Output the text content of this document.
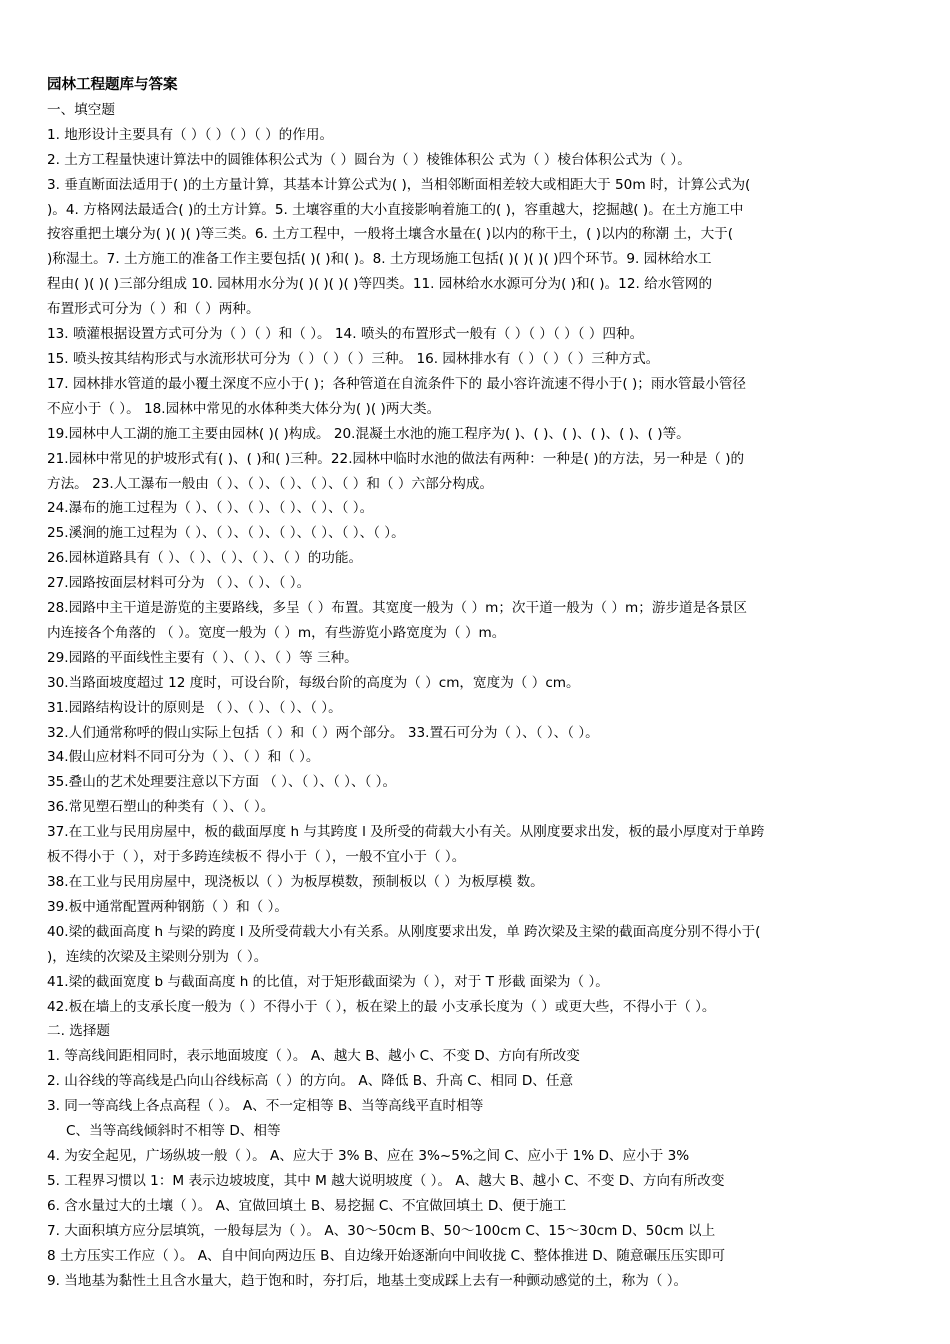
园林工程题库与答案
一、填空题
1. 地形设计主要具有（ ）（ ）（ ）（ ）的作用。
2. 土方工程量快速计算法中的圆锥体积公式为（ ）圆台为（ ）棱锥体积公 式为（ ）棱台体积公式为（ ）。
3. 垂直断面法适用于( )的土方量计算，其基本计算公式为( )，当相邻断面相差较大或相距大于 50m 时，计算公式为(
)。4. 方格网法最适合( )的土方计算。5. 土壤容重的大小直接影响着施工的( )，容重越大，挖掘越( )。在土方施工中
按容重把土壤分为( )( )( )等三类。6. 土方工程中，一般将土壤含水量在( )以内的称干土，( )以内的称潮 土，大于(
)称湿土。7. 土方施工的准备工作主要包括( )( )和( )。8. 土方现场施工包括( )( )( )( )四个环节。9. 园林给水工
程由( )( )( )三部分组成 10. 园林用水分为( )( )( )( )等四类。11. 园林给水水源可分为( )和( )。12. 给水管网的
布置形式可分为（ ）和（ ）两种。
13. 喷灌根据设置方式可分为（ ）（ ）和（ ）。 14. 喷头的布置形式一般有（ ）（ ）（ ）（ ）四种。
15. 喷头按其结构形式与水流形状可分为（ ）（ ）（ ）三种。 16. 园林排水有（ ）（ ）（ ）三种方式。
17. 园林排水管道的最小覆土深度不应小于( )；各种管道在自流条件下的 最小容许流速不得小于( )；雨水管最小管径
不应小于（ ）。 18.园林中常见的水体种类大体分为( )( )两大类。
19.园林中人工湖的施工主要由园林( )( )构成。 20.混凝土水池的施工程序为( )、( )、( )、( )、( )、( )等。
21.园林中常见的护坡形式有( )、( )和( )三种。22.园林中临时水池的做法有两种：一种是( )的方法，另一种是（ )的
方法。 23.人工瀑布一般由（ ）、（ ）、（ ）、（ ）、（ ）和（ ）六部分构成。
24.瀑布的施工过程为（ ）、（ ）、（ ）、（ ）、（ ）、（ ）。
25.溪涧的施工过程为（ ）、（ ）、（ ）、（ ）、（ ）、（ ）、（ ）。
26.园林道路具有（ ）、（ ）、（ ）、（ ）、（ ）的功能。
27.园路按面层材料可分为 （ ）、（ ）、（ ）。
28.园路中主干道是游览的主要路线，多呈（ ）布置。其宽度一般为（ ）m；次干道一般为（ ）m；游步道是各景区
内连接各个角落的 （ ）。宽度一般为（ ）m，有些游览小路宽度为（ ）m。
29.园路的平面线性主要有（ ）、（ ）、（ ）等 三种。
30.当路面坡度超过 12 度时，可设台阶，每级台阶的高度为（ ）cm，宽度为（ ）cm。
31.园路结构设计的原则是 （ ）、（ ）、（ ）、（ ）。
32.人们通常称呼的假山实际上包括（ ）和（ ）两个部分。 33.置石可分为（ ）、（ ）、（ ）。
34.假山应材料不同可分为（ ）、（ ）和（ ）。
35.叠山的艺术处理要注意以下方面 （ ）、（ ）、（ ）、（ ）。
36.常见塑石塑山的种类有（ ）、（ ）。
37.在工业与民用房屋中，板的截面厚度 h 与其跨度 l 及所受的荷载大小有关。从刚度要求出发，板的最小厚度对于单跨
板不得小于（ ），对于多跨连续板不 得小于（ ），一般不宜小于（ ）。
38.在工业与民用房屋中，现浇板以（ ）为板厚模数，预制板以（ ）为板厚模 数。
39.板中通常配置两种钢筋（ ）和（ ）。
40.梁的截面高度 h 与梁的跨度 l 及所受荷载大小有关系。从刚度要求出发，单 跨次梁及主梁的截面高度分别不得小于(
)，连续的次梁及主梁则分别为（ ）。
41.梁的截面宽度 b 与截面高度 h 的比值，对于矩形截面梁为（ ），对于 T 形截 面梁为（ ）。
42.板在墙上的支承长度一般为（ ）不得小于（ ），板在梁上的最 小支承长度为（ ）或更大些，不得小于（ ）。
二. 选择题
1. 等高线间距相同时，表示地面坡度（ ）。 A、越大 B、越小 C、不变 D、方向有所改变
2. 山谷线的等高线是凸向山谷线标高（ ）的方向。 A、降低 B、升高 C、相同 D、任意
3. 同一等高线上各点高程（ ）。 A、不一定相等 B、当等高线平直时相等
C、当等高线倾斜时不相等 D、相等
4. 为安全起见，广场纵坡一般（ ）。 A、应大于 3% B、应在 3%~5%之间 C、应小于 1% D、应小于 3%
5. 工程界习惯以 1：M 表示边坡坡度，其中 M 越大说明坡度（ ）。 A、越大 B、越小 C、不变 D、方向有所改变
6. 含水量过大的土壤（ ）。 A、宜做回填土 B、易挖掘 C、不宜做回填土 D、便于施工
7. 大面积填方应分层填筑，一般每层为（ ）。 A、30～50cm B、50～100cm C、15～30cm D、50cm 以上
8 土方压实工作应（ ）。 A、自中间向两边压 B、自边缘开始逐渐向中间收拢 C、整体推进 D、随意碾压压实即可
9. 当地基为黏性土且含水量大，趋于饱和时，夯打后，地基土变成踩上去有一种颤动感觉的土，称为（ ）。
